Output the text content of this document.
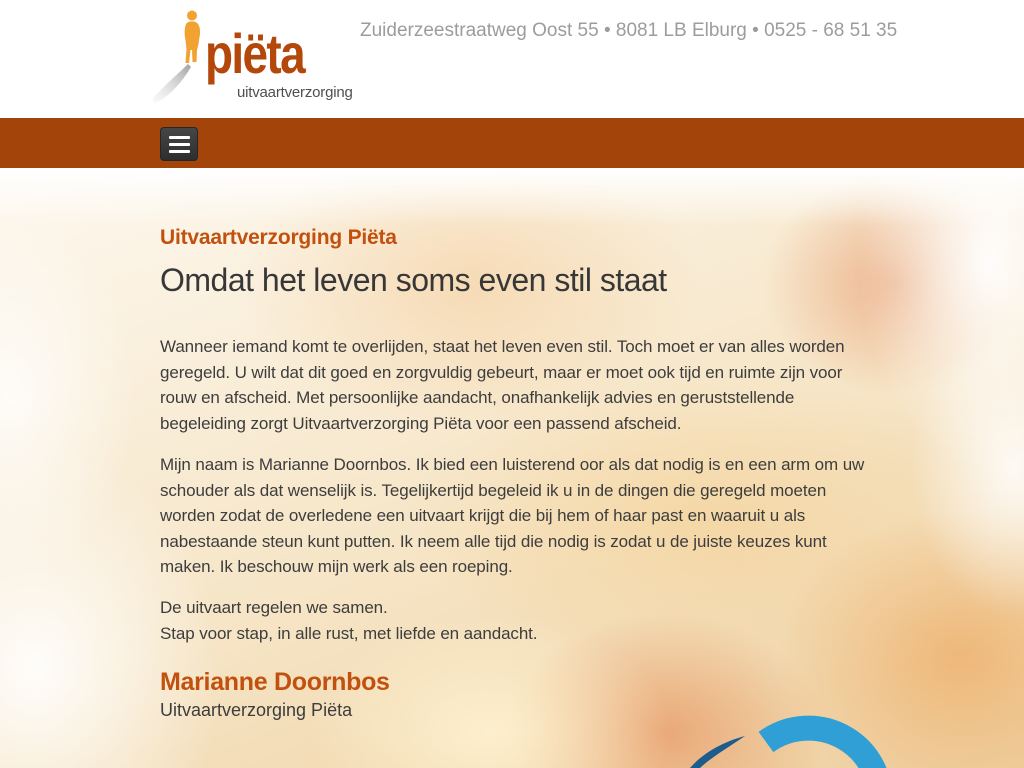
piëta
uitvaartverzorging
Zuiderzeestraatweg Oost 55 • 8081 LB Elburg • 0525 - 68 51 35
Uitvaartverzorging Piëta
Omdat het leven soms even stil staat

Wanneer iemand komt te overlijden, staat het leven even stil. Toch moet er van alles worden geregeld. U wilt dat dit goed en zorgvuldig gebeurt, maar er moet ook tijd en ruimte zijn voor rouw en afscheid. Met persoonlijke aandacht, onafhankelijk advies en geruststellende begeleiding zorgt Uitvaartverzorging Piëta voor een passend afscheid.

Mijn naam is Marianne Doornbos. Ik bied een luisterend oor als dat nodig is en een arm om uw schouder als dat wenselijk is. Tegelijkertijd begeleid ik u in de dingen die geregeld moeten worden zodat de overledene een uitvaart krijgt die bij hem of haar past en waaruit u als nabestaande steun kunt putten. Ik neem alle tijd die nodig is zodat u de juiste keuzes kunt maken. Ik beschouw mijn werk als een roeping.

De uitvaart regelen we samen.

Stap voor stap, in alle rust, met liefde en aandacht.

Marianne Doornbos
Uitvaartverzorging Piëta
